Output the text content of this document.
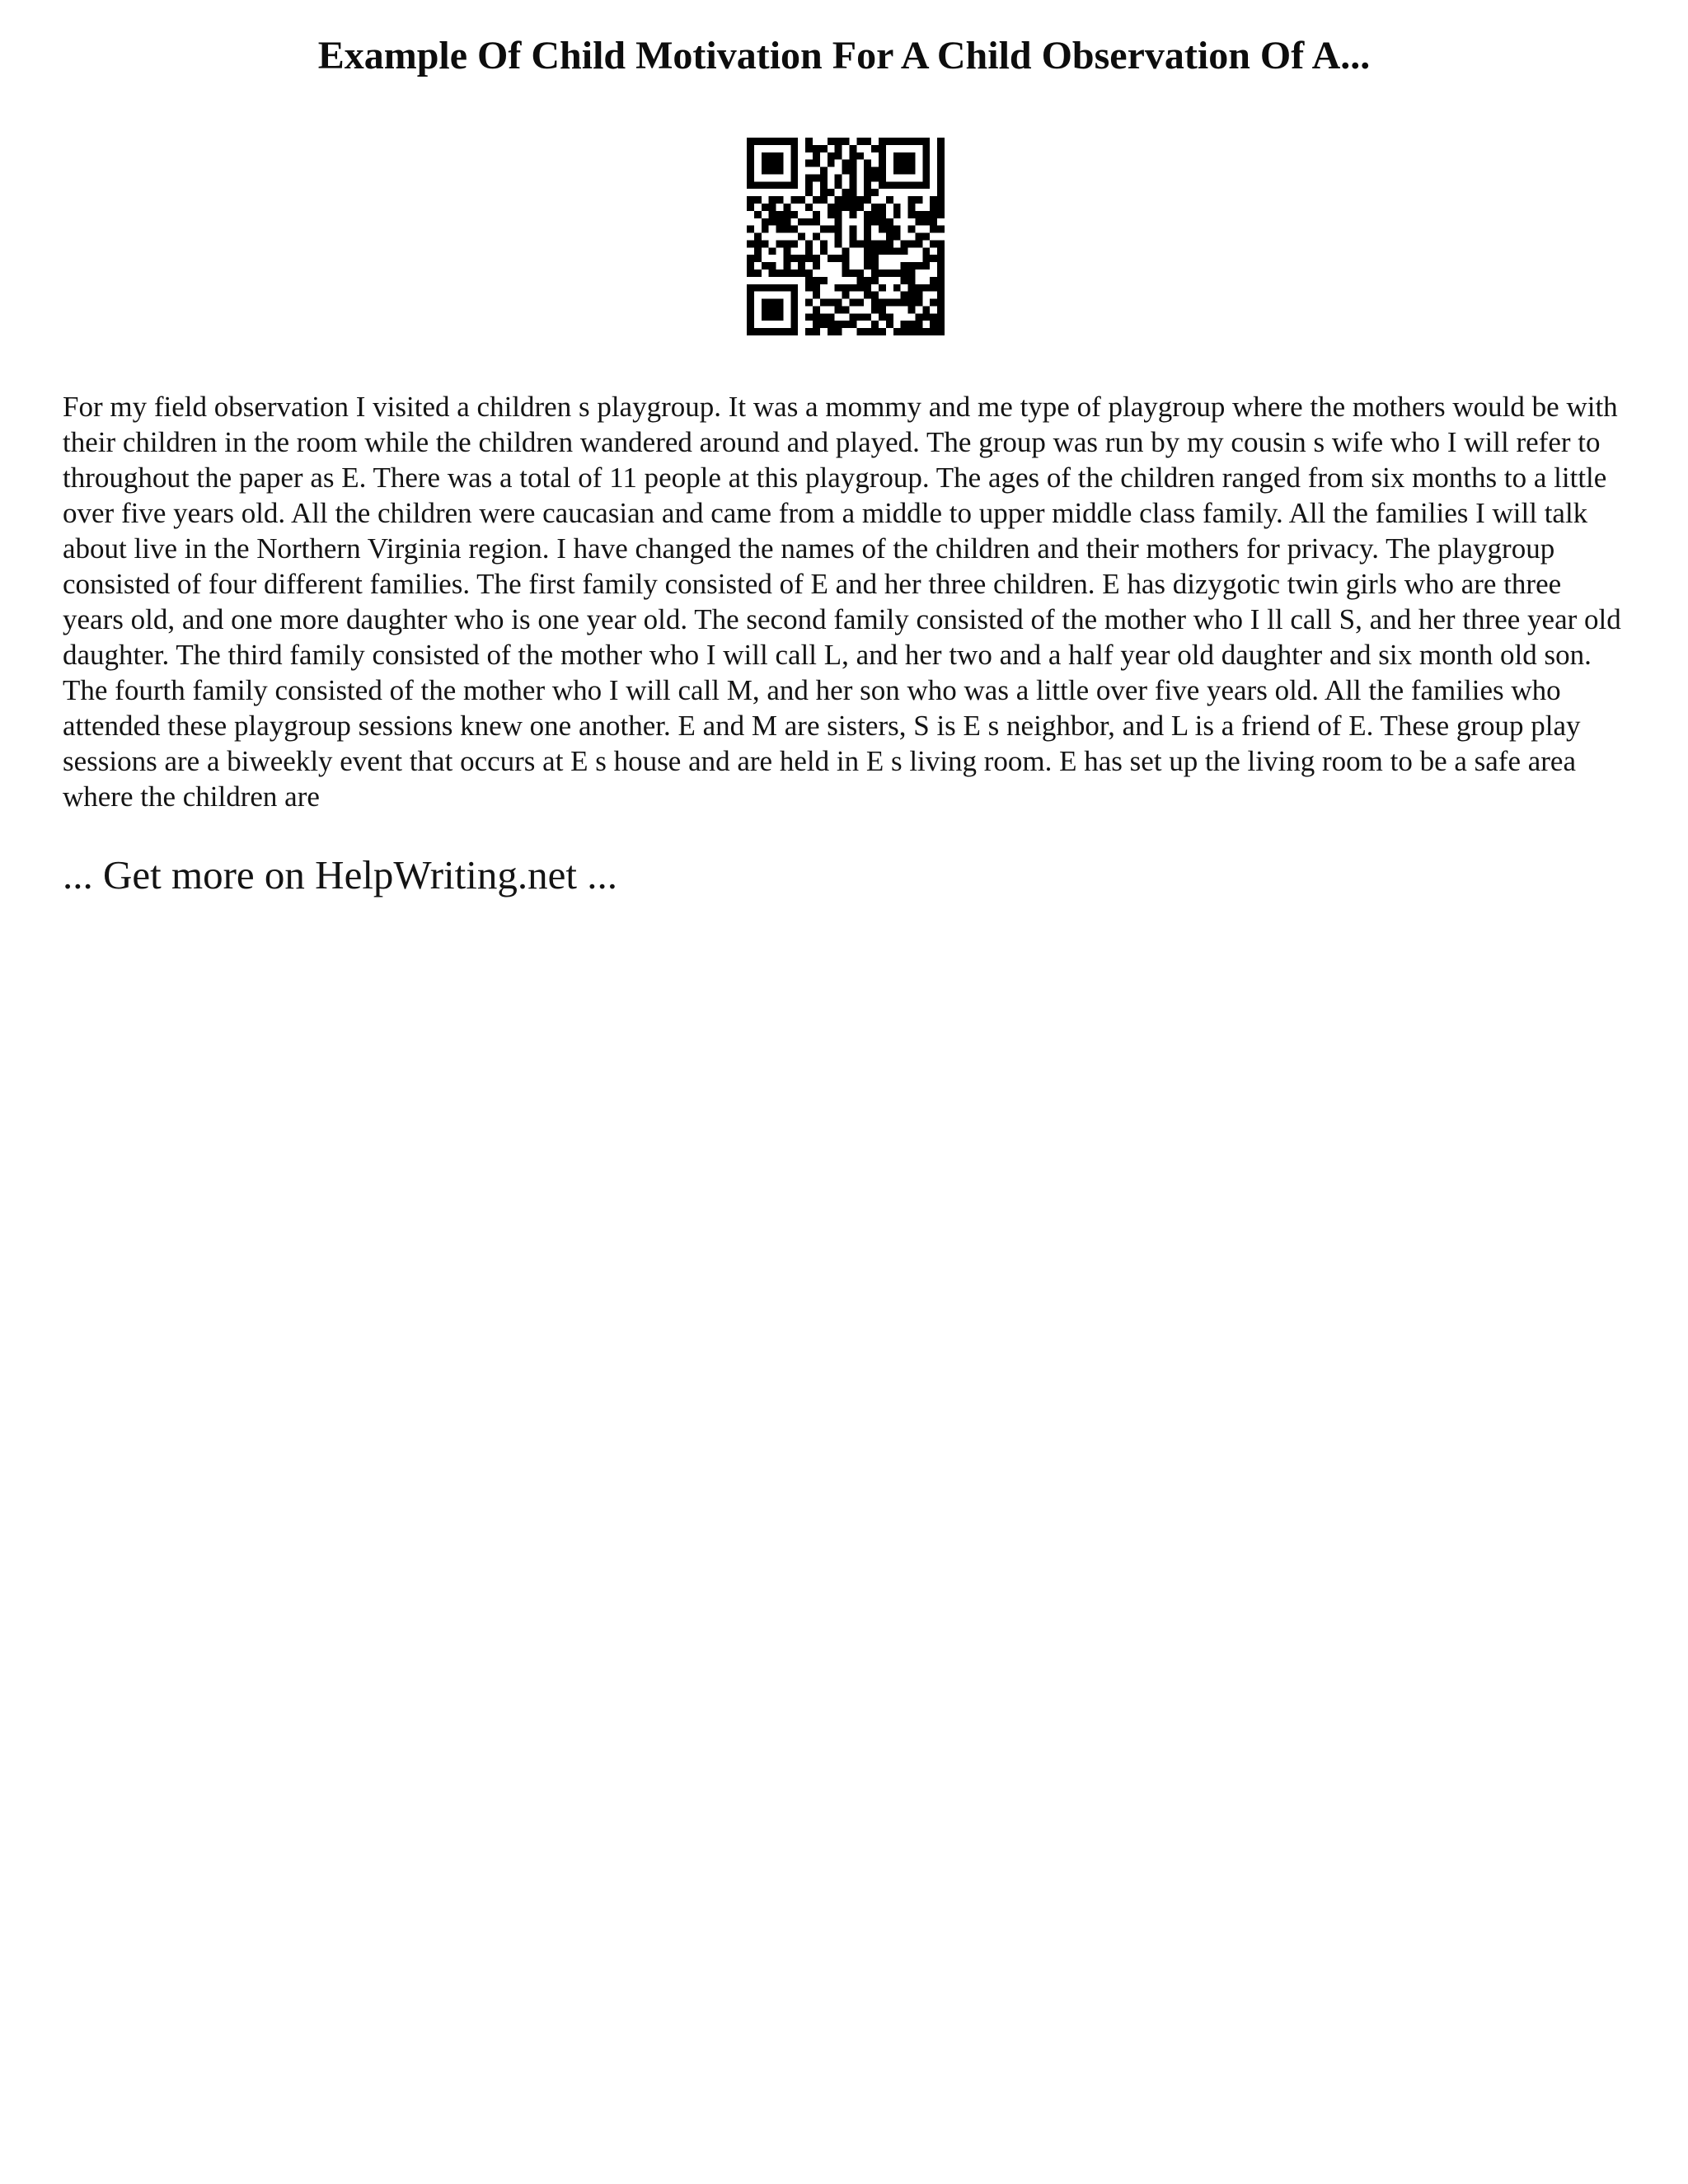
Example Of Child Motivation For A Child Observation Of A...

For my field observation I visited a children s playgroup. It was a mommy and me type of playgroup where the mothers would be with their children in the room while the children wandered around and played. The group was run by my cousin s wife who I will refer to throughout the paper as E. There was a total of 11 people at this playgroup. The ages of the children ranged from six months to a little over five years old. All the children were caucasian and came from a middle to upper middle class family. All the families I will talk about live in the Northern Virginia region. I have changed the names of the children and their mothers for privacy. The playgroup consisted of four different families. The first family consisted of E and her three children. E has dizygotic twin girls who are three years old, and one more daughter who is one year old. The second family consisted of the mother who I ll call S, and her three year old daughter. The third family consisted of the mother who I will call L, and her two and a half year old daughter and six month old son. The fourth family consisted of the mother who I will call M, and her son who was a little over five years old. All the families who attended these playgroup sessions knew one another. E and M are sisters, S is E s neighbor, and L is a friend of E. These group play sessions are a biweekly event that occurs at E s house and are held in E s living room. E has set up the living room to be a safe area where the children are

... Get more on HelpWriting.net ...
